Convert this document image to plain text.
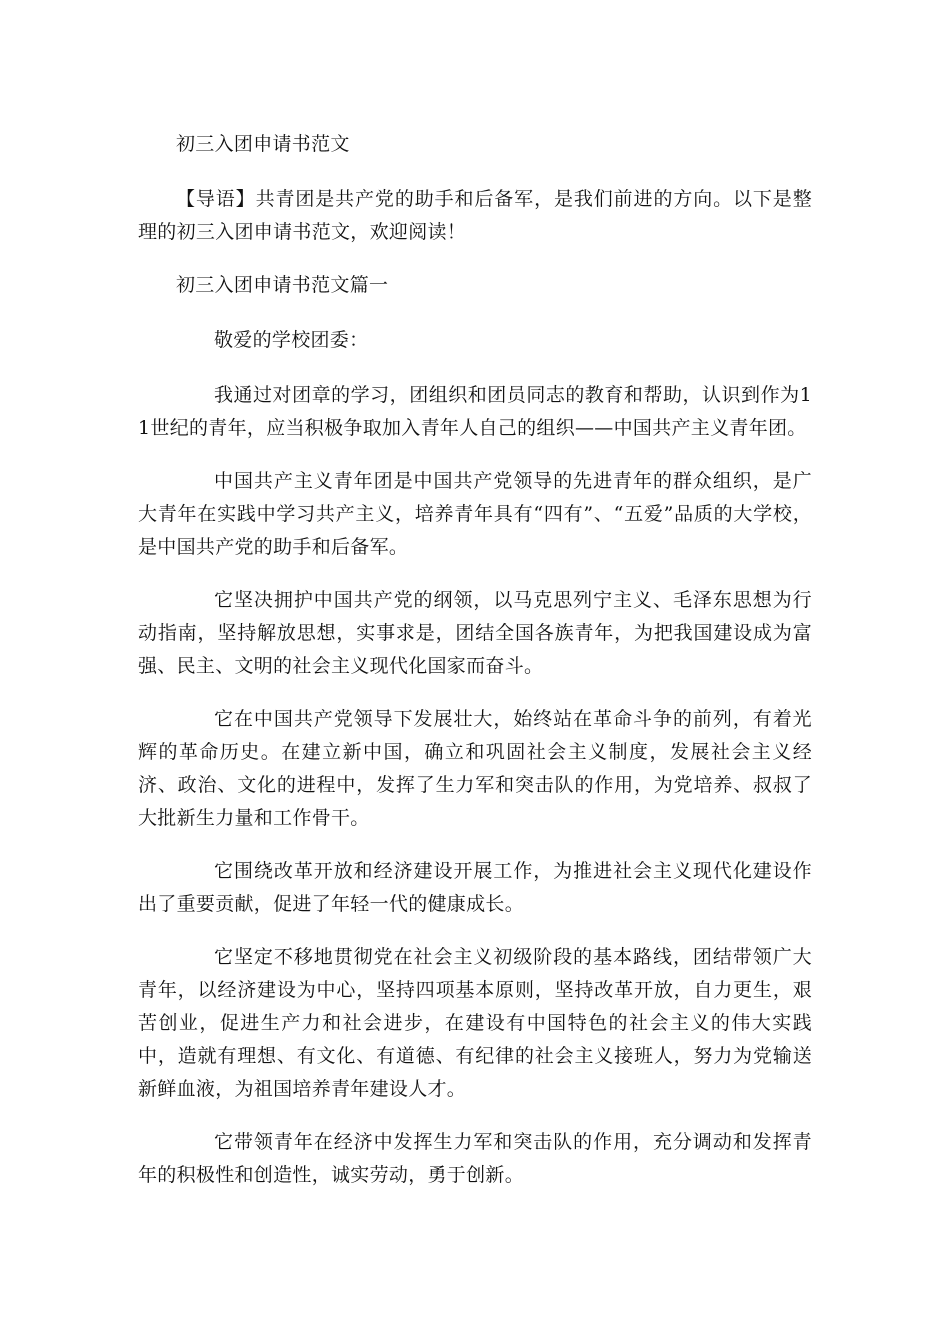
初三入团申请书范文

【导语】共青团是共产党的助手和后备军，是我们前进的方向。以下是整理的初三入团申请书范文，欢迎阅读！

初三入团申请书范文篇一

敬爱的学校团委：

我通过对团章的学习，团组织和团员同志的教育和帮助，认识到作为11世纪的青年，应当积极争取加入青年人自己的组织——中国共产主义青年团。

中国共产主义青年团是中国共产党领导的先进青年的群众组织，是广大青年在实践中学习共产主义，培养青年具有“四有”、“五爱”品质的大学校，是中国共产党的助手和后备军。

它坚决拥护中国共产党的纲领，以马克思列宁主义、毛泽东思想为行动指南，坚持解放思想，实事求是，团结全国各族青年，为把我国建设成为富强、民主、文明的社会主义现代化国家而奋斗。

它在中国共产党领导下发展壮大，始终站在革命斗争的前列，有着光辉的革命历史。在建立新中国，确立和巩固社会主义制度，发展社会主义经济、政治、文化的进程中，发挥了生力军和突击队的作用，为党培养、叔叔了大批新生力量和工作骨干。

它围绕改革开放和经济建设开展工作，为推进社会主义现代化建设作出了重要贡献，促进了年轻一代的健康成长。

它坚定不移地贯彻党在社会主义初级阶段的基本路线，团结带领广大青年，以经济建设为中心，坚持四项基本原则，坚持改革开放，自力更生，艰苦创业，促进生产力和社会进步，在建设有中国特色的社会主义的伟大实践中，造就有理想、有文化、有道德、有纪律的社会主义接班人，努力为党输送新鲜血液，为祖国培养青年建设人才。

它带领青年在经济中发挥生力军和突击队的作用，充分调动和发挥青年的积极性和创造性，诚实劳动，勇于创新。
